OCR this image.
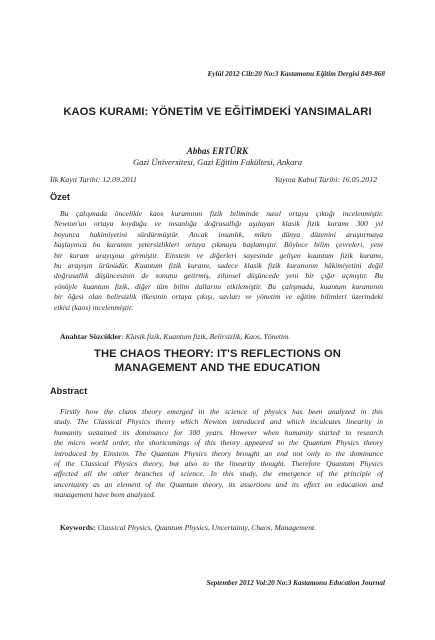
Eylül 2012 Cilt:20 No:3 Kastamonu Eğitim Dergisi 849-868
KAOS KURAMI: YÖNETİM VE EĞİTİMDEKİ YANSIMALARI
Abbas ERTÜRK
Gazi Üniversitesi, Gazi Eğitim Fakültesi, Ankara
İlk Kayıt Tarihi: 12.09.2011	Yayına Kabul Tarihi: 16.05.2012
Özet
Bu çalışmada öncelikle kaos kuramının fizik biliminde nasıl ortaya çıktığı incelenmiştir.
Newton'un ortaya koyduğu ve insanlığa doğrusallığı aşılayan klasik fizik kuramı 300 yıl
boyunca hakimiyetini sürdürmüştür. Ancak insanlık, mikro dünya düzenini araştırmaya
başlayınca bu kuramın yetersizlikleri ortaya çıkmaya başlamıştır. Böylece bilim çevreleri, yeni
bir kuram arayışına girmiştir. Einstein ve diğerleri sayesinde gelişen kuantum fizik kuramı,
bu arayışın ürünüdür. Kuantum fizik kuramı, sadece klasik fizik kuramının hâkimiyetini değil
doğrusallık düşüncesinin de sonunu getirmiş, zihinsel düşüncede yeni bir çığır açmıştır. Bu
yönüyle kuantum fizik, diğer tüm bilim dallarını etkilemiştir. Bu çalışmada, kuantum kuramının
bir öğesi olan belirsizlik ilkesinin ortaya çıkışı, savları ve yönetim ve eğitim bilimleri üzerindeki
etkisi (kaos) incelenmiştir.
Anahtar Sözcükler: Klasik fizik, Kuantum fizik, Belirsizlik, Kaos, Yönetim.
THE CHAOS THEORY: IT'S REFLECTIONS ON
MANAGEMENT AND THE EDUCATION
Abstract
Firstly how the chaos theory emerged in the science of physics has been analyzed in this
study. The Classical Physics theory which Newton introduced and which inculcates linearity in
humanity sustained its dominance for 300 years. However when humanity started to research
the micro world order, the shortcomings of this theory appeared so the Quantum Physics theory
introduced by Einstein. The Quantum Physics theory brought an end not only to the dominance
of the Classical Physics theory, but also to the linearity thought. Therefore Quantum Physics
affected all the other branches of science. In this study, the emergence of the principle of
uncertainty as an element of the Quantum theory, its assertions and its effect on education and
management have been analyzed.
Keywords: Classical Physics, Quantum Physics, Uncertainty, Chaos, Management.
September 2012 Vol:20 No:3 Kastamonu Education Journal
